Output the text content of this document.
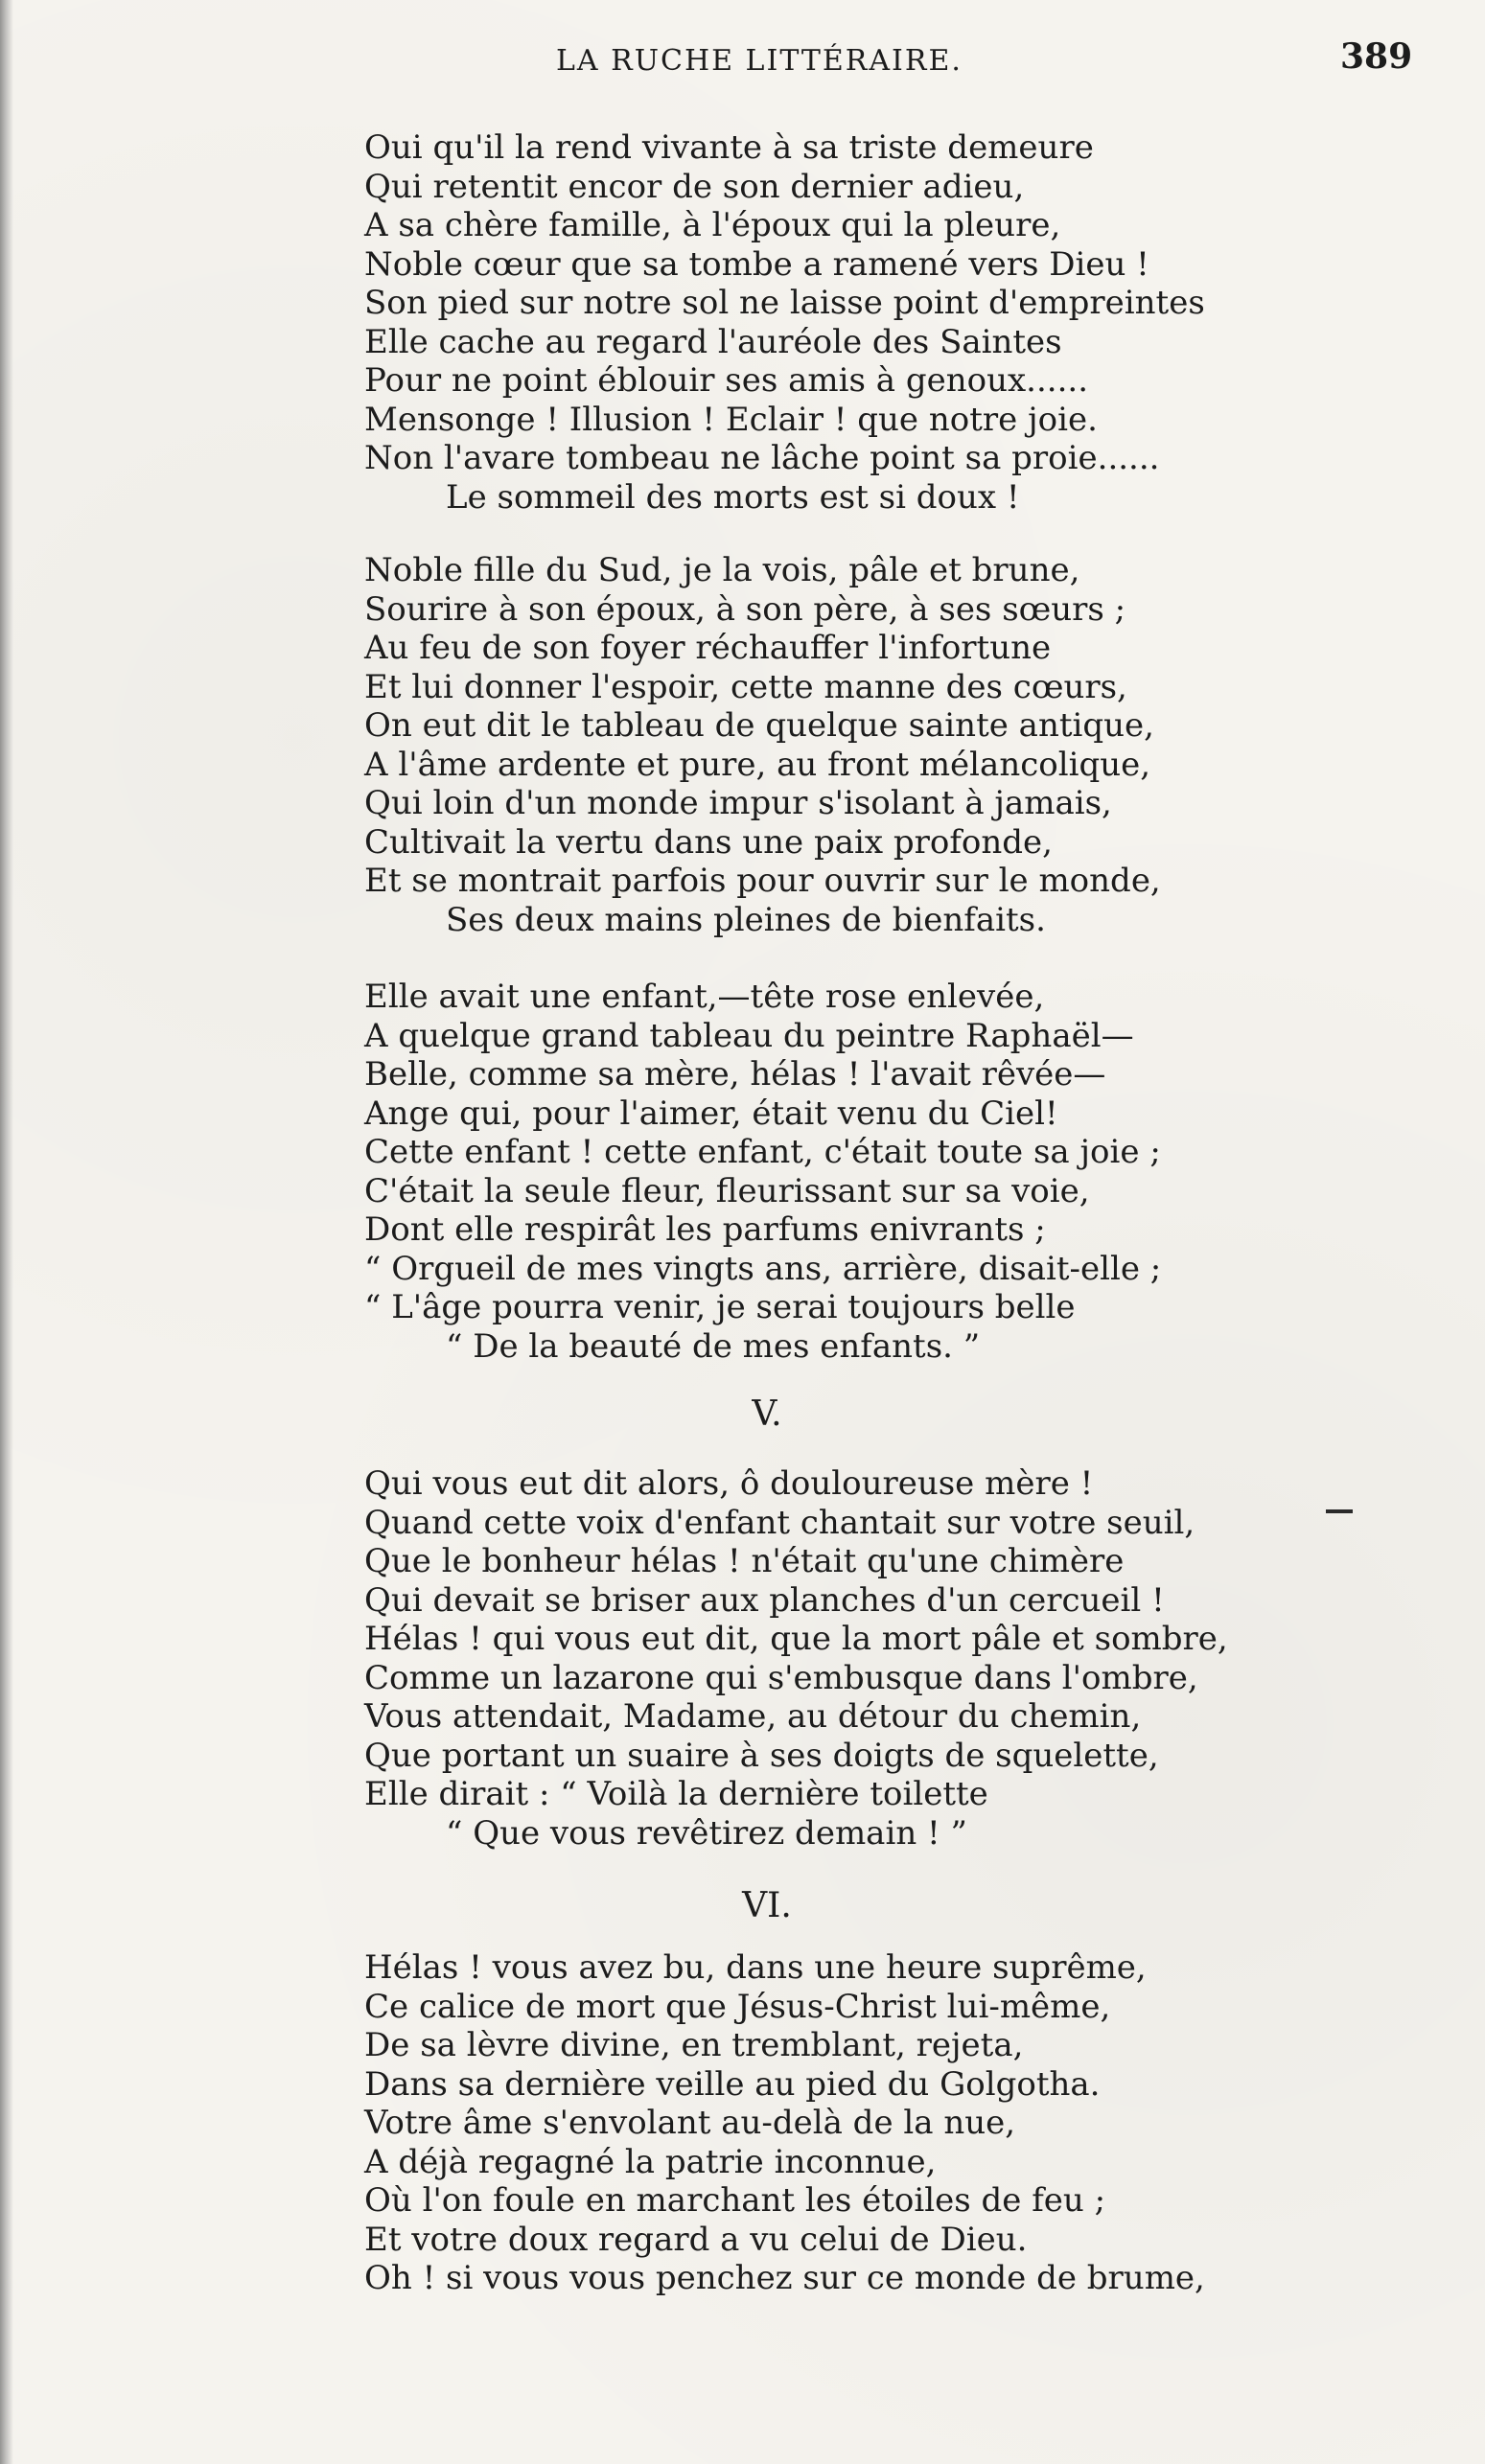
LA RUCHE LITTÉRAIRE.	389
Oui qu'il la rend vivante à sa triste demeure
Qui retentit encor de son dernier adieu,
A sa chère famille, à l'époux qui la pleure,
Noble cœur que sa tombe a ramené vers Dieu !
Son pied sur notre sol ne laisse point d'empreintes
Elle cache au regard l'auréole des Saintes
Pour ne point éblouir ses amis à genoux......
Mensonge ! Illusion ! Eclair ! que notre joie.
Non l'avare tombeau ne lâche point sa proie......
Le sommeil des morts est si doux !
Noble fille du Sud, je la vois, pâle et brune,
Sourire à son époux, à son père, à ses sœurs ;
Au feu de son foyer réchauffer l'infortune
Et lui donner l'espoir, cette manne des cœurs,
On eut dit le tableau de quelque sainte antique,
A l'âme ardente et pure, au front mélancolique,
Qui loin d'un monde impur s'isolant à jamais,
Cultivait la vertu dans une paix profonde,
Et se montrait parfois pour ouvrir sur le monde,
Ses deux mains pleines de bienfaits.
Elle avait une enfant,—tête rose enlevée,
A quelque grand tableau du peintre Raphaël—
Belle, comme sa mère, hélas ! l'avait rêvée—
Ange qui, pour l'aimer, était venu du Ciel!
Cette enfant ! cette enfant, c'était toute sa joie ;
C'était la seule fleur, fleurissant sur sa voie,
Dont elle respirât les parfums enivrants ;
“ Orgueil de mes vingts ans, arrière, disait-elle ;
“ L'âge pourra venir, je serai toujours belle
“ De la beauté de mes enfants. ”
V.
Qui vous eut dit alors, ô douloureuse mère !
Quand cette voix d'enfant chantait sur votre seuil,
Que le bonheur hélas ! n'était qu'une chimère
Qui devait se briser aux planches d'un cercueil !
Hélas ! qui vous eut dit, que la mort pâle et sombre,
Comme un lazarone qui s'embusque dans l'ombre,
Vous attendait, Madame, au détour du chemin,
Que portant un suaire à ses doigts de squelette,
Elle dirait : “ Voilà la dernière toilette
“ Que vous revêtirez demain ! ”
VI.
Hélas ! vous avez bu, dans une heure suprême,
Ce calice de mort que Jésus-Christ lui-même,
De sa lèvre divine, en tremblant, rejeta,
Dans sa dernière veille au pied du Golgotha.
Votre âme s'envolant au-delà de la nue,
A déjà regagné la patrie inconnue,
Où l'on foule en marchant les étoiles de feu ;
Et votre doux regard a vu celui de Dieu.
Oh ! si vous vous penchez sur ce monde de brume,
